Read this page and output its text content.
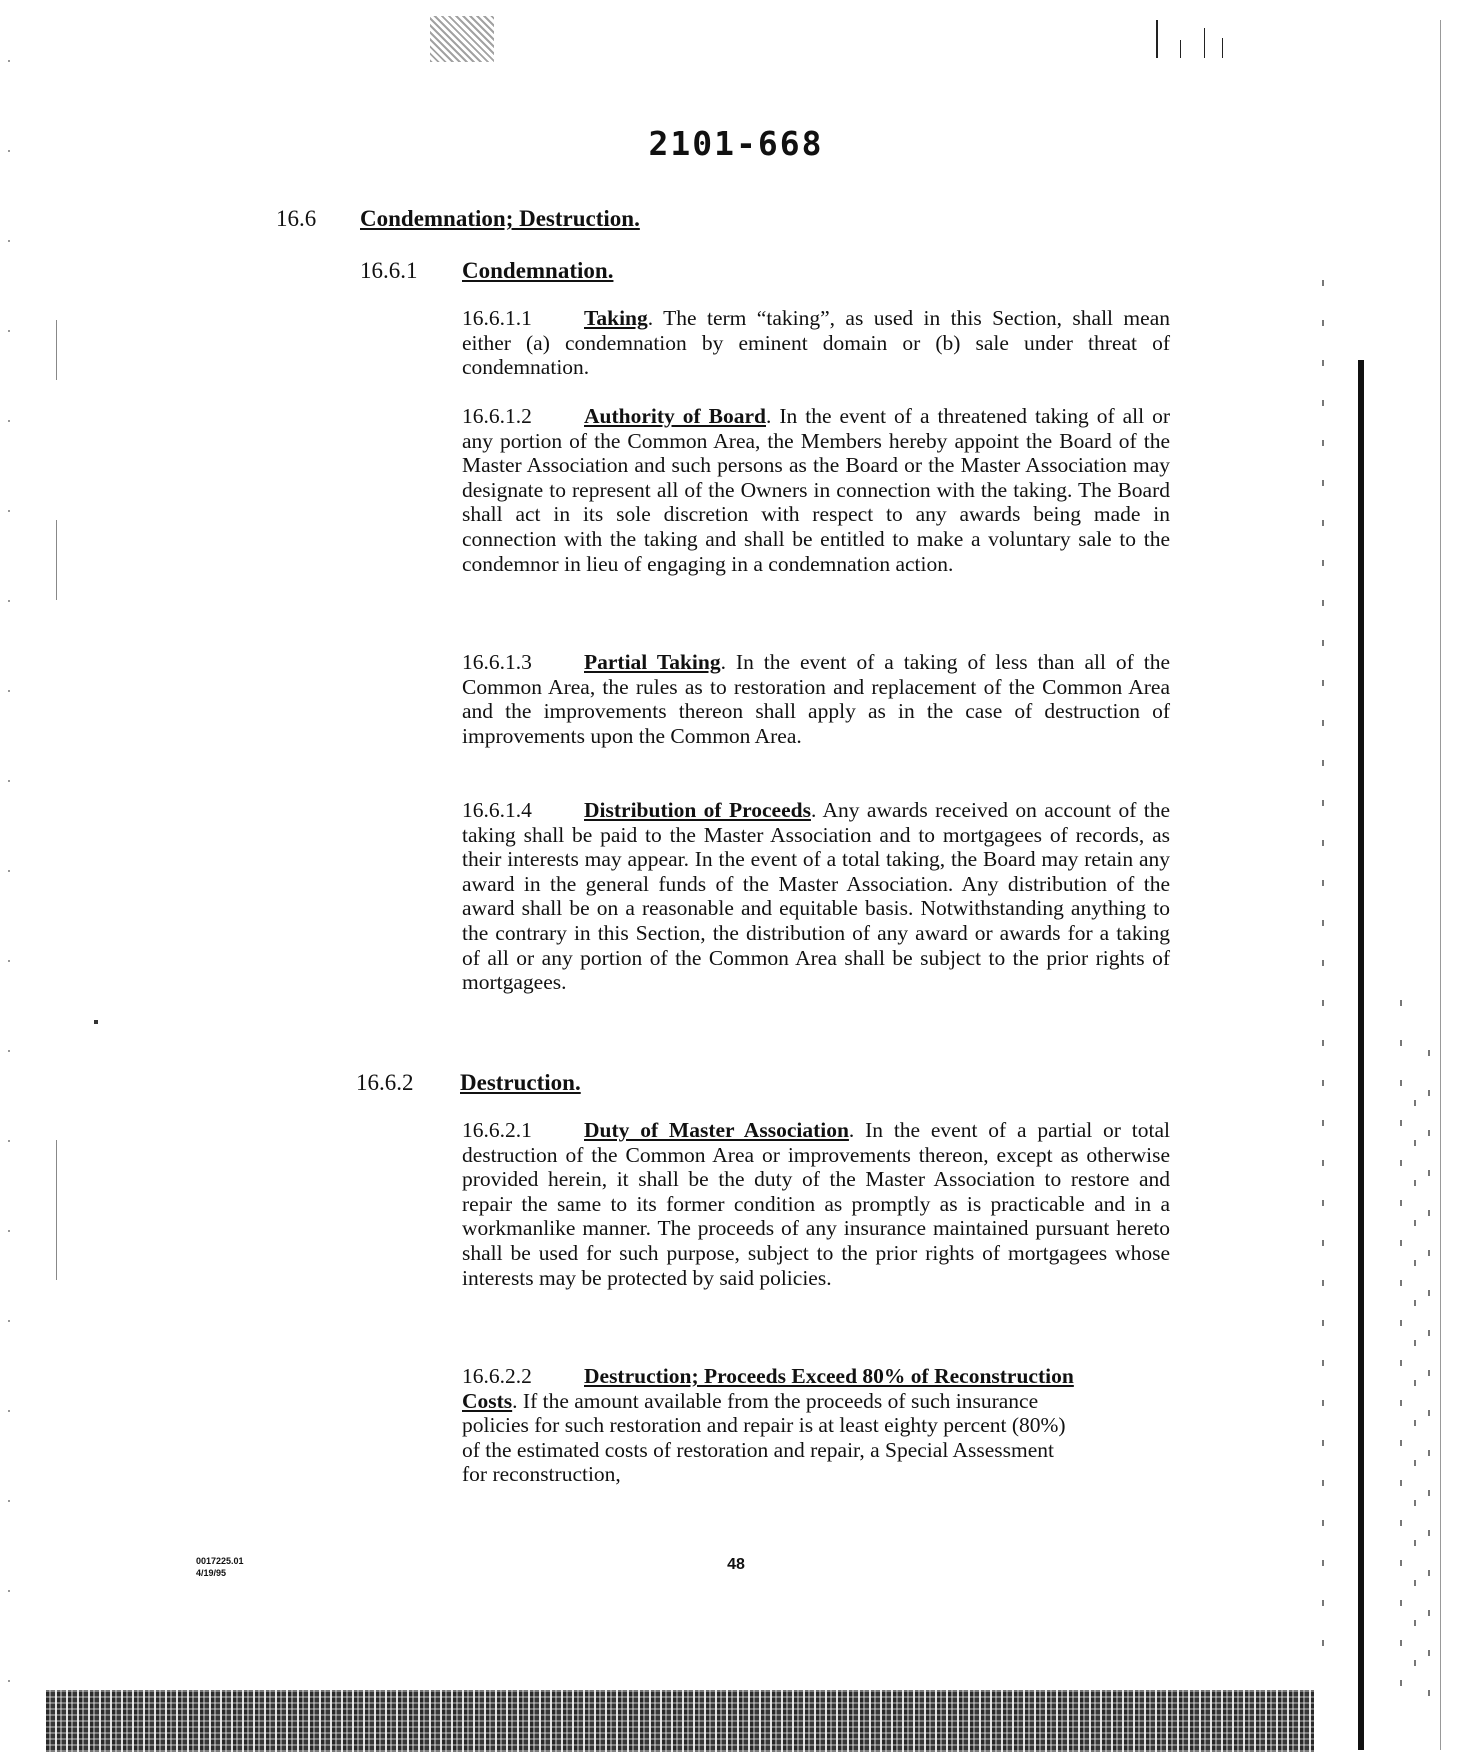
2101-668
16.6 Condemnation; Destruction.
16.6.1 Condemnation.
16.6.1.1 Taking. The term “taking”, as used in this Section, shall mean either (a) condemnation by eminent domain or (b) sale under threat of condemnation.
16.6.1.2 Authority of Board. In the event of a threatened taking of all or any portion of the Common Area, the Members hereby appoint the Board of the Master Association and such persons as the Board or the Master Association may designate to represent all of the Owners in connection with the taking. The Board shall act in its sole discretion with respect to any awards being made in connection with the taking and shall be entitled to make a voluntary sale to the condemnor in lieu of engaging in a condemnation action.
16.6.1.3 Partial Taking. In the event of a taking of less than all of the Common Area, the rules as to restoration and replacement of the Common Area and the improvements thereon shall apply as in the case of destruction of improvements upon the Common Area.
16.6.1.4 Distribution of Proceeds. Any awards received on account of the taking shall be paid to the Master Association and to mortgagees of records, as their interests may appear. In the event of a total taking, the Board may retain any award in the general funds of the Master Association. Any distribution of the award shall be on a reasonable and equitable basis. Notwithstanding anything to the contrary in this Section, the distribution of any award or awards for a taking of all or any portion of the Common Area shall be subject to the prior rights of mortgagees.
16.6.2 Destruction.
16.6.2.1 Duty of Master Association. In the event of a partial or total destruction of the Common Area or improvements thereon, except as otherwise provided herein, it shall be the duty of the Master Association to restore and repair the same to its former condition as promptly as is practicable and in a workmanlike manner. The proceeds of any insurance maintained pursuant hereto shall be used for such purpose, subject to the prior rights of mortgagees whose interests may be protected by said policies.
16.6.2.2 Destruction; Proceeds Exceed 80% of Reconstruction Costs. If the amount available from the proceeds of such insurance policies for such restoration and repair is at least eighty percent (80%) of the estimated costs of restoration and repair, a Special Assessment for reconstruction,
0017225.01
4/19/95	48
